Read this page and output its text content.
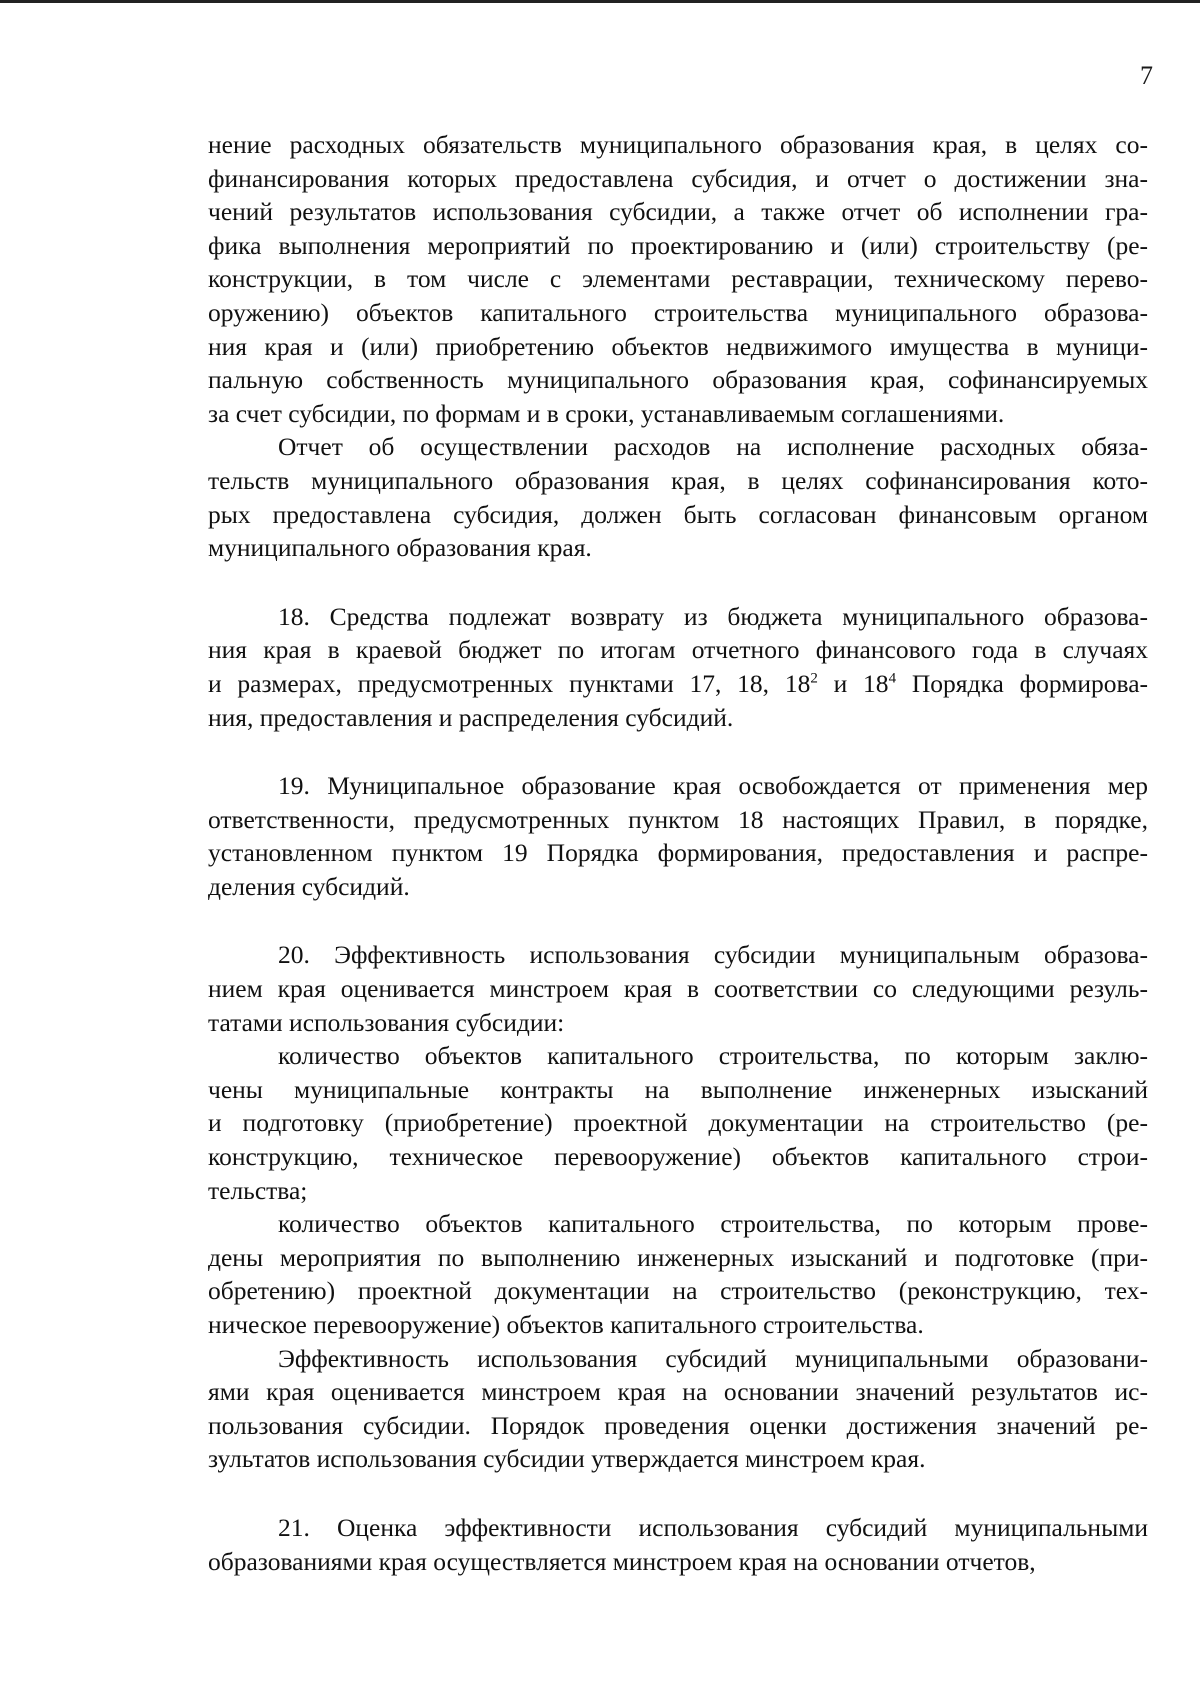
7
нение расходных обязательств муниципального образования края, в целях со-
финансирования которых предоставлена субсидия, и отчет о достижении зна-
чений результатов использования субсидии, а также отчет об исполнении гра-
фика выполнения мероприятий по проектированию и (или) строительству (ре-
конструкции, в том числе с элементами реставрации, техническому перево-
оружению) объектов капитального строительства муниципального образова-
ния края и (или) приобретению объектов недвижимого имущества в муници-
пальную собственность муниципального образования края, софинансируемых
за счет субсидии, по формам и в сроки, устанавливаемым соглашениями.
Отчет об осуществлении расходов на исполнение расходных обяза-
тельств муниципального образования края, в целях софинансирования кото-
рых предоставлена субсидия, должен быть согласован финансовым органом
муниципального образования края.
18. Средства подлежат возврату из бюджета муниципального образова-
ния края в краевой бюджет по итогам отчетного финансового года в случаях
и размерах, предусмотренных пунктами 17, 18, $18^2$ и $18^4$ Порядка формирова-
ния, предоставления и распределения субсидий.
19. Муниципальное образование края освобождается от применения мер
ответственности, предусмотренных пунктом 18 настоящих Правил, в порядке,
установленном пунктом 19 Порядка формирования, предоставления и распре-
деления субсидий.
20. Эффективность использования субсидии муниципальным образова-
нием края оценивается минстроем края в соответствии со следующими резуль-
татами использования субсидии:
количество объектов капитального строительства, по которым заклю-
чены муниципальные контракты на выполнение инженерных изысканий
и подготовку (приобретение) проектной документации на строительство (ре-
конструкцию, техническое перевооружение) объектов капитального строи-
тельства;
количество объектов капитального строительства, по которым прове-
дены мероприятия по выполнению инженерных изысканий и подготовке (при-
обретению) проектной документации на строительство (реконструкцию, тех-
ническое перевооружение) объектов капитального строительства.
Эффективность использования субсидий муниципальными образовани-
ями края оценивается минстроем края на основании значений результатов ис-
пользования субсидии. Порядок проведения оценки достижения значений ре-
зультатов использования субсидии утверждается минстроем края.
21. Оценка эффективности использования субсидий муниципальными
образованиями края осуществляется минстроем края на основании отчетов,
